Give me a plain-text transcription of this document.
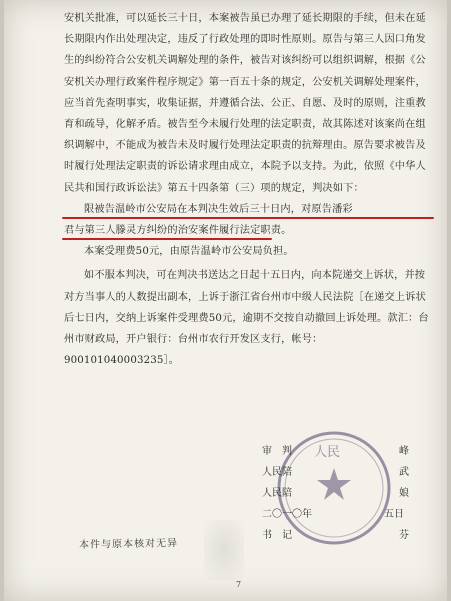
安机关批准，可以延长三十日，本案被告虽已办理了延长期限的手续，但未在延长期限内作出处理决定，违反了行政处理的即时性原则。原告与第三人因口角发生的纠纷符合公安机关调解处理的条件，被告对该纠纷可以组织调解，根据《公安机关办理行政案件程序规定》第一百五十条的规定，公安机关调解处理案件，应当首先查明事实，收集证据，并遵循合法、公正、自愿、及时的原则，注重教育和疏导，化解矛盾。被告至今未履行处理的法定职责，故其陈述对该案尚在组织调解中，不能成为被告未及时履行处理法定职责的抗辩理由。原告要求被告及时履行处理法定职责的诉讼请求理由成立，本院予以支持。为此，依照《中华人民共和国行政诉讼法》第五十四条第（三）项的规定，判决如下：

限被告温岭市公安局在本判决生效后三十日内，对原告潘彩

君与第三人滕灵方纠纷的治安案件履行法定职责。

本案受理费50元，由原告温岭市公安局负担。

如不服本判决，可在判决书送达之日起十五日内，向本院递交上诉状，并按对方当事人的人数提出副本，上诉于浙江省台州市中级人民法院［在递交上诉状后七日内，交纳上诉案件受理费50元，逾期不交按自动撤回上诉处理。款汇：台州市财政局，开户银行：台州市农行开发区支行，帐号：900101040003235］。

人民
审　判	峰
人民陪	武
人民陪	娘
二〇一〇年	五日
书　记	芬
本件与原本核对无异
7
